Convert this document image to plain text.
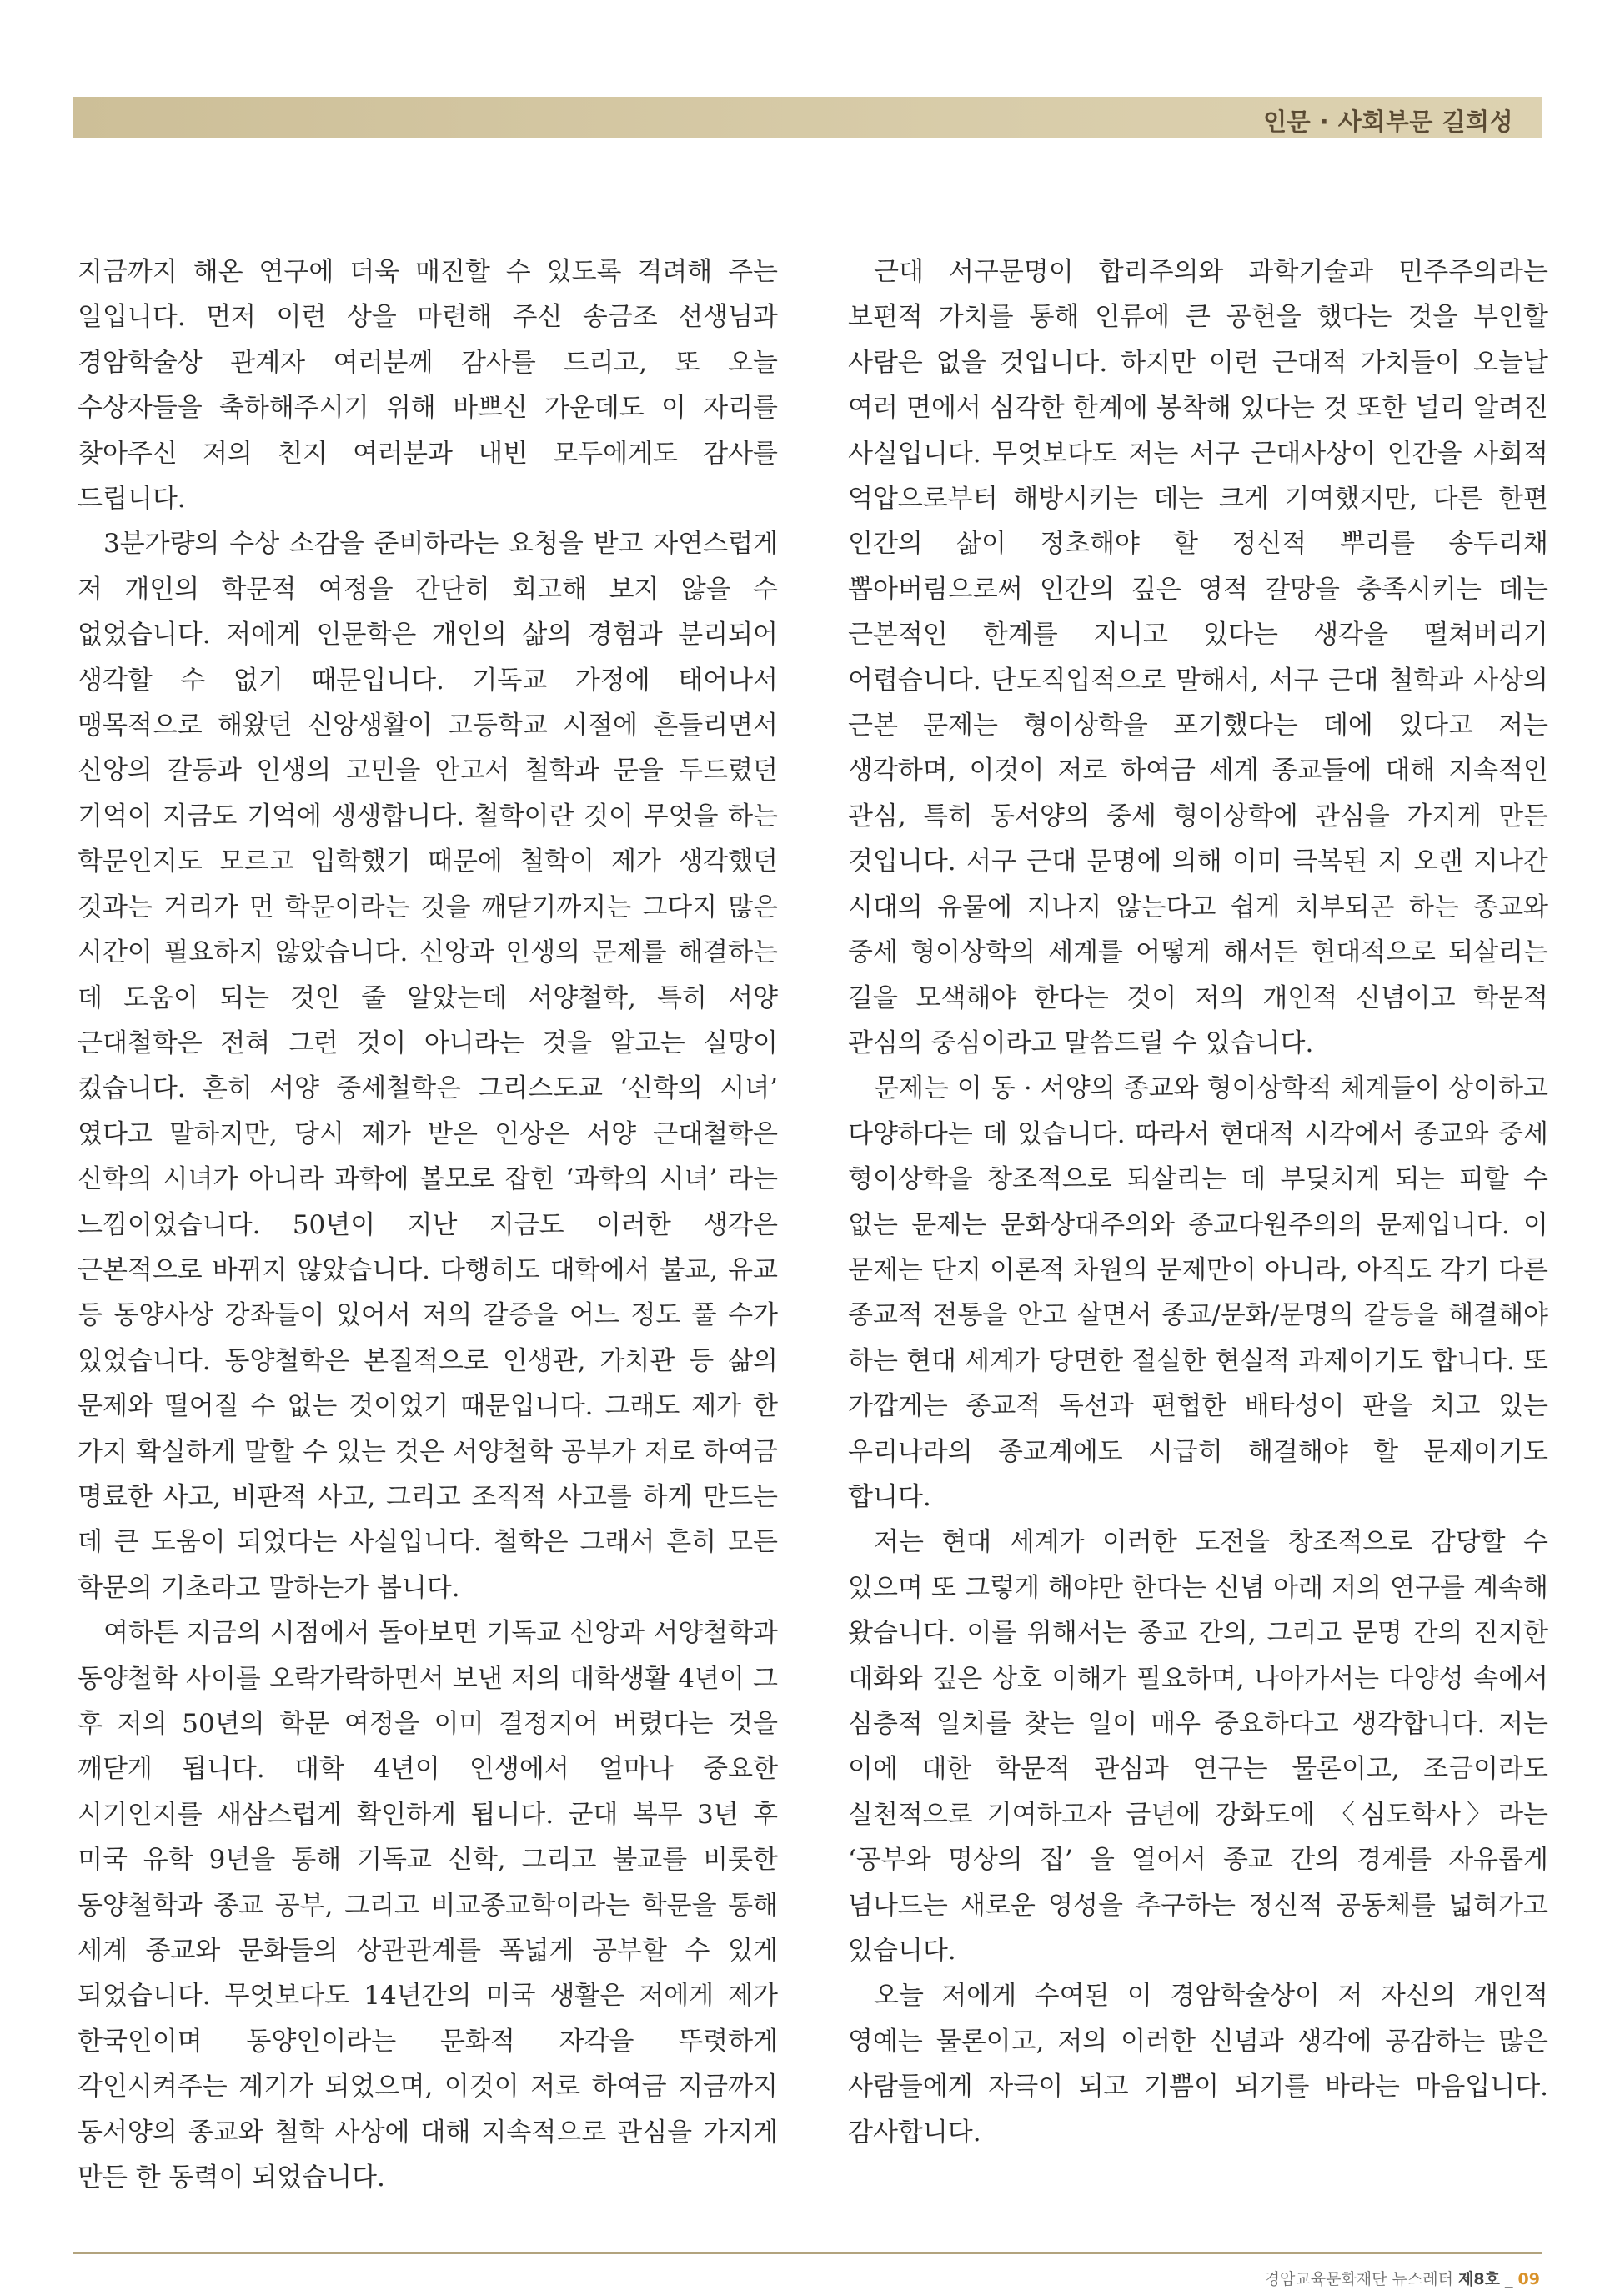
인문 · 사회부문 길희성

지금까지 해온 연구에 더욱 매진할 수 있도록 격려해 주는 일입니다. 먼저 이런 상을 마련해 주신 송금조 선생님과 경암학술상 관계자 여러분께 감사를 드리고, 또 오늘 수상자들을 축하해주시기 위해 바쁘신 가운데도 이 자리를 찾아주신 저의 친지 여러분과 내빈 모두에게도 감사를 드립니다.

3분가량의 수상 소감을 준비하라는 요청을 받고 자연스럽게 저 개인의 학문적 여정을 간단히 회고해 보지 않을 수 없었습니다. 저에게 인문학은 개인의 삶의 경험과 분리되어 생각할 수 없기 때문입니다. 기독교 가정에 태어나서 맹목적으로 해왔던 신앙생활이 고등학교 시절에 흔들리면서 신앙의 갈등과 인생의 고민을 안고서 철학과 문을 두드렸던 기억이 지금도 기억에 생생합니다. 철학이란 것이 무엇을 하는 학문인지도 모르고 입학했기 때문에 철학이 제가 생각했던 것과는 거리가 먼 학문이라는 것을 깨닫기까지는 그다지 많은 시간이 필요하지 않았습니다. 신앙과 인생의 문제를 해결하는 데 도움이 되는 것인 줄 알았는데 서양철학, 특히 서양 근대철학은 전혀 그런 것이 아니라는 것을 알고는 실망이 컸습니다. 흔히 서양 중세철학은 그리스도교 ‘신학의 시녀’ 였다고 말하지만, 당시 제가 받은 인상은 서양 근대철학은 신학의 시녀가 아니라 과학에 볼모로 잡힌 ‘과학의 시녀’ 라는 느낌이었습니다. 50년이 지난 지금도 이러한 생각은 근본적으로 바뀌지 않았습니다. 다행히도 대학에서 불교, 유교 등 동양사상 강좌들이 있어서 저의 갈증을 어느 정도 풀 수가 있었습니다. 동양철학은 본질적으로 인생관, 가치관 등 삶의 문제와 떨어질 수 없는 것이었기 때문입니다. 그래도 제가 한 가지 확실하게 말할 수 있는 것은 서양철학 공부가 저로 하여금 명료한 사고, 비판적 사고, 그리고 조직적 사고를 하게 만드는 데 큰 도움이 되었다는 사실입니다. 철학은 그래서 흔히 모든 학문의 기초라고 말하는가 봅니다.

여하튼 지금의 시점에서 돌아보면 기독교 신앙과 서양철학과 동양철학 사이를 오락가락하면서 보낸 저의 대학생활 4년이 그 후 저의 50년의 학문 여정을 이미 결정지어 버렸다는 것을 깨닫게 됩니다. 대학 4년이 인생에서 얼마나 중요한 시기인지를 새삼스럽게 확인하게 됩니다. 군대 복무 3년 후 미국 유학 9년을 통해 기독교 신학, 그리고 불교를 비롯한 동양철학과 종교 공부, 그리고 비교종교학이라는 학문을 통해 세계 종교와 문화들의 상관관계를 폭넓게 공부할 수 있게 되었습니다. 무엇보다도 14년간의 미국 생활은 저에게 제가 한국인이며 동양인이라는 문화적 자각을 뚜렷하게 각인시켜주는 계기가 되었으며, 이것이 저로 하여금 지금까지 동서양의 종교와 철학 사상에 대해 지속적으로 관심을 가지게 만든 한 동력이 되었습니다.

근대 서구문명이 합리주의와 과학기술과 민주주의라는 보편적 가치를 통해 인류에 큰 공헌을 했다는 것을 부인할 사람은 없을 것입니다. 하지만 이런 근대적 가치들이 오늘날 여러 면에서 심각한 한계에 봉착해 있다는 것 또한 널리 알려진 사실입니다. 무엇보다도 저는 서구 근대사상이 인간을 사회적 억압으로부터 해방시키는 데는 크게 기여했지만, 다른 한편 인간의 삶이 정초해야 할 정신적 뿌리를 송두리채 뽑아버림으로써 인간의 깊은 영적 갈망을 충족시키는 데는 근본적인 한계를 지니고 있다는 생각을 떨쳐버리기 어렵습니다. 단도직입적으로 말해서, 서구 근대 철학과 사상의 근본 문제는 형이상학을 포기했다는 데에 있다고 저는 생각하며, 이것이 저로 하여금 세계 종교들에 대해 지속적인 관심, 특히 동서양의 중세 형이상학에 관심을 가지게 만든 것입니다. 서구 근대 문명에 의해 이미 극복된 지 오랜 지나간 시대의 유물에 지나지 않는다고 쉽게 치부되곤 하는 종교와 중세 형이상학의 세계를 어떻게 해서든 현대적으로 되살리는 길을 모색해야 한다는 것이 저의 개인적 신념이고 학문적 관심의 중심이라고 말씀드릴 수 있습니다.

문제는 이 동 · 서양의 종교와 형이상학적 체계들이 상이하고 다양하다는 데 있습니다. 따라서 현대적 시각에서 종교와 중세 형이상학을 창조적으로 되살리는 데 부딪치게 되는 피할 수 없는 문제는 문화상대주의와 종교다원주의의 문제입니다. 이 문제는 단지 이론적 차원의 문제만이 아니라, 아직도 각기 다른 종교적 전통을 안고 살면서 종교/문화/문명의 갈등을 해결해야 하는 현대 세계가 당면한 절실한 현실적 과제이기도 합니다. 또 가깝게는 종교적 독선과 편협한 배타성이 판을 치고 있는 우리나라의 종교계에도 시급히 해결해야 할 문제이기도 합니다.

저는 현대 세계가 이러한 도전을 창조적으로 감당할 수 있으며 또 그렇게 해야만 한다는 신념 아래 저의 연구를 계속해 왔습니다. 이를 위해서는 종교 간의, 그리고 문명 간의 진지한 대화와 깊은 상호 이해가 필요하며, 나아가서는 다양성 속에서 심층적 일치를 찾는 일이 매우 중요하다고 생각합니다. 저는 이에 대한 학문적 관심과 연구는 물론이고, 조금이라도 실천적으로 기여하고자 금년에 강화도에 〈심도학사〉라는 ‘공부와 명상의 집’ 을 열어서 종교 간의 경계를 자유롭게 넘나드는 새로운 영성을 추구하는 정신적 공동체를 넓혀가고 있습니다.

오늘 저에게 수여된 이 경암학술상이 저 자신의 개인적 영예는 물론이고, 저의 이러한 신념과 생각에 공감하는 많은 사람들에게 자극이 되고 기쁨이 되기를 바라는 마음입니다. 감사합니다.

경암교육문화재단 뉴스레터 제8호 _ 09
